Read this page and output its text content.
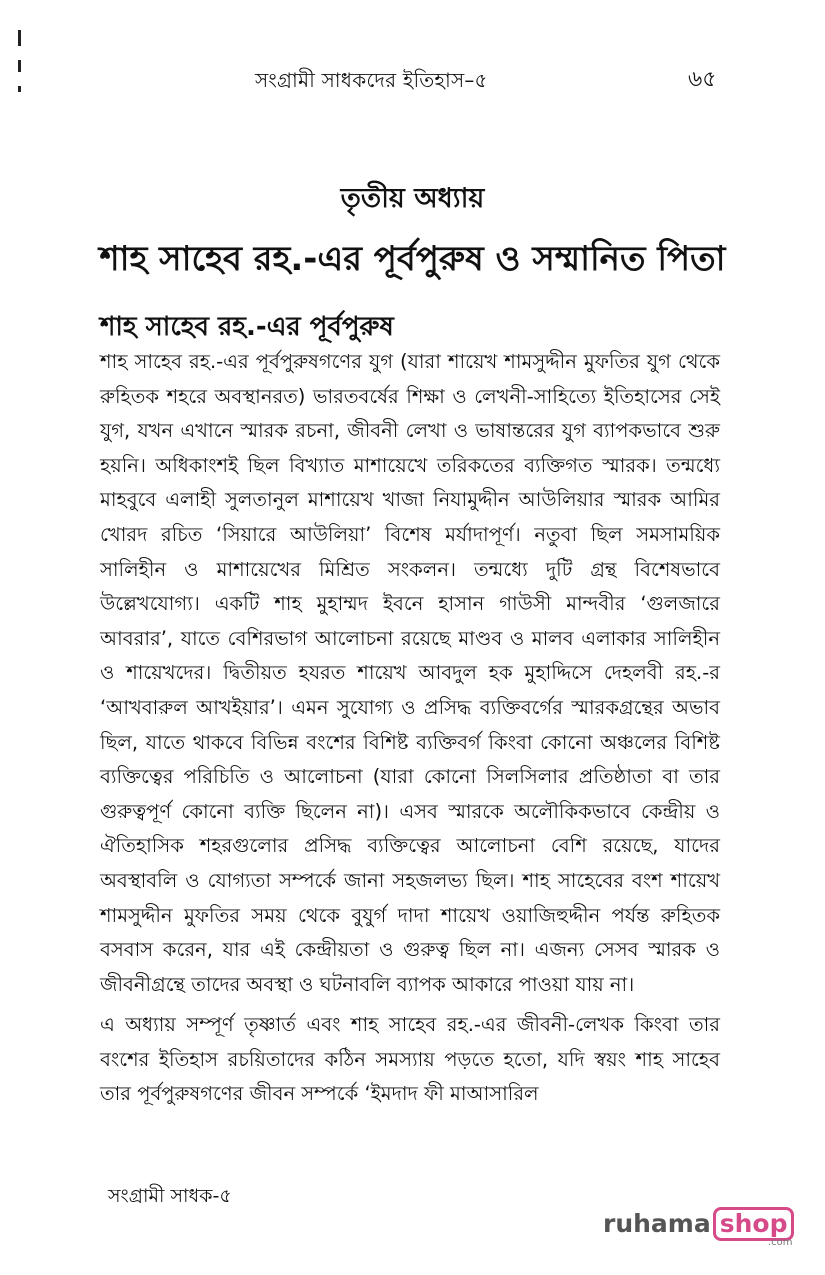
সংগ্রামী সাধকদের ইতিহাস–৫	৬৫
তৃতীয় অধ্যায়
শাহ সাহেব রহ.-এর পূর্বপুরুষ ও সম্মানিত পিতা
শাহ সাহেব রহ.-এর পূর্বপুরুষ

শাহ সাহেব রহ.-এর পূর্বপুরুষগণের যুগ (যারা শায়েখ শামসুদ্দীন মুফতির যুগ থেকে রুহিতক শহরে অবস্থানরত) ভারতবর্ষের শিক্ষা ও লেখনী-সাহিত্যে ইতিহাসের সেই যুগ, যখন এখানে স্মারক রচনা, জীবনী লেখা ও ভাষান্তরের যুগ ব্যাপকভাবে শুরু হয়নি। অধিকাংশই ছিল বিখ্যাত মাশায়েখে তরিকতের ব্যক্তিগত স্মারক। তন্মধ্যে মাহবুবে এলাহী সুলতানুল মাশায়েখ খাজা নিযামুদ্দীন আউলিয়ার স্মারক আমির খোরদ রচিত ‘সিয়ারে আউলিয়া’ বিশেষ মর্যাদাপূর্ণ। নতুবা ছিল সমসাময়িক সালিহীন ও মাশায়েখের মিশ্রিত সংকলন। তন্মধ্যে দুটি গ্রন্থ বিশেষভাবে উল্লেখযোগ্য। একটি শাহ মুহাম্মদ ইবনে হাসান গাউসী মান্দবীর ‘গুলজারে আবরার’, যাতে বেশিরভাগ আলোচনা রয়েছে মাণ্ডব ও মালব এলাকার সালিহীন ও শায়েখদের। দ্বিতীয়ত হযরত শায়েখ আবদুল হক মুহাদ্দিসে দেহলবী রহ.-র ‘আখবারুল আখইয়ার’। এমন সুযোগ্য ও প্রসিদ্ধ ব্যক্তিবর্গের স্মারকগ্রন্থের অভাব ছিল, যাতে থাকবে বিভিন্ন বংশের বিশিষ্ট ব্যক্তিবর্গ কিংবা কোনো অঞ্চলের বিশিষ্ট ব্যক্তিত্বের পরিচিতি ও আলোচনা (যারা কোনো সিলসিলার প্রতিষ্ঠাতা বা তার গুরুত্বপূর্ণ কোনো ব্যক্তি ছিলেন না)। এসব স্মারকে অলৌকিকভাবে কেন্দ্রীয় ও ঐতিহাসিক শহরগুলোর প্রসিদ্ধ ব্যক্তিত্বের আলোচনা বেশি রয়েছে, যাদের অবস্থাবলি ও যোগ্যতা সম্পর্কে জানা সহজলভ্য ছিল। শাহ সাহেবের বংশ শায়েখ শামসুদ্দীন মুফতির সময় থেকে বুযুর্গ দাদা শায়েখ ওয়াজিহুদ্দীন পর্যন্ত রুহিতক বসবাস করেন, যার এই কেন্দ্রীয়তা ও গুরুত্ব ছিল না। এজন্য সেসব স্মারক ও জীবনীগ্রন্থে তাদের অবস্থা ও ঘটনাবলি ব্যাপক আকারে পাওয়া যায় না।

এ অধ্যায় সম্পূর্ণ তৃষ্ণার্ত এবং শাহ সাহেব রহ.-এর জীবনী-লেখক কিংবা তার বংশের ইতিহাস রচয়িতাদের কঠিন সমস্যায় পড়তে হতো, যদি স্বয়ং শাহ সাহেব তার পূর্বপুরুষগণের জীবন সম্পর্কে ‘ইমদাদ ফী মাআসারিল

সংগ্রামী সাধক-৫
ruhama shop
.com
